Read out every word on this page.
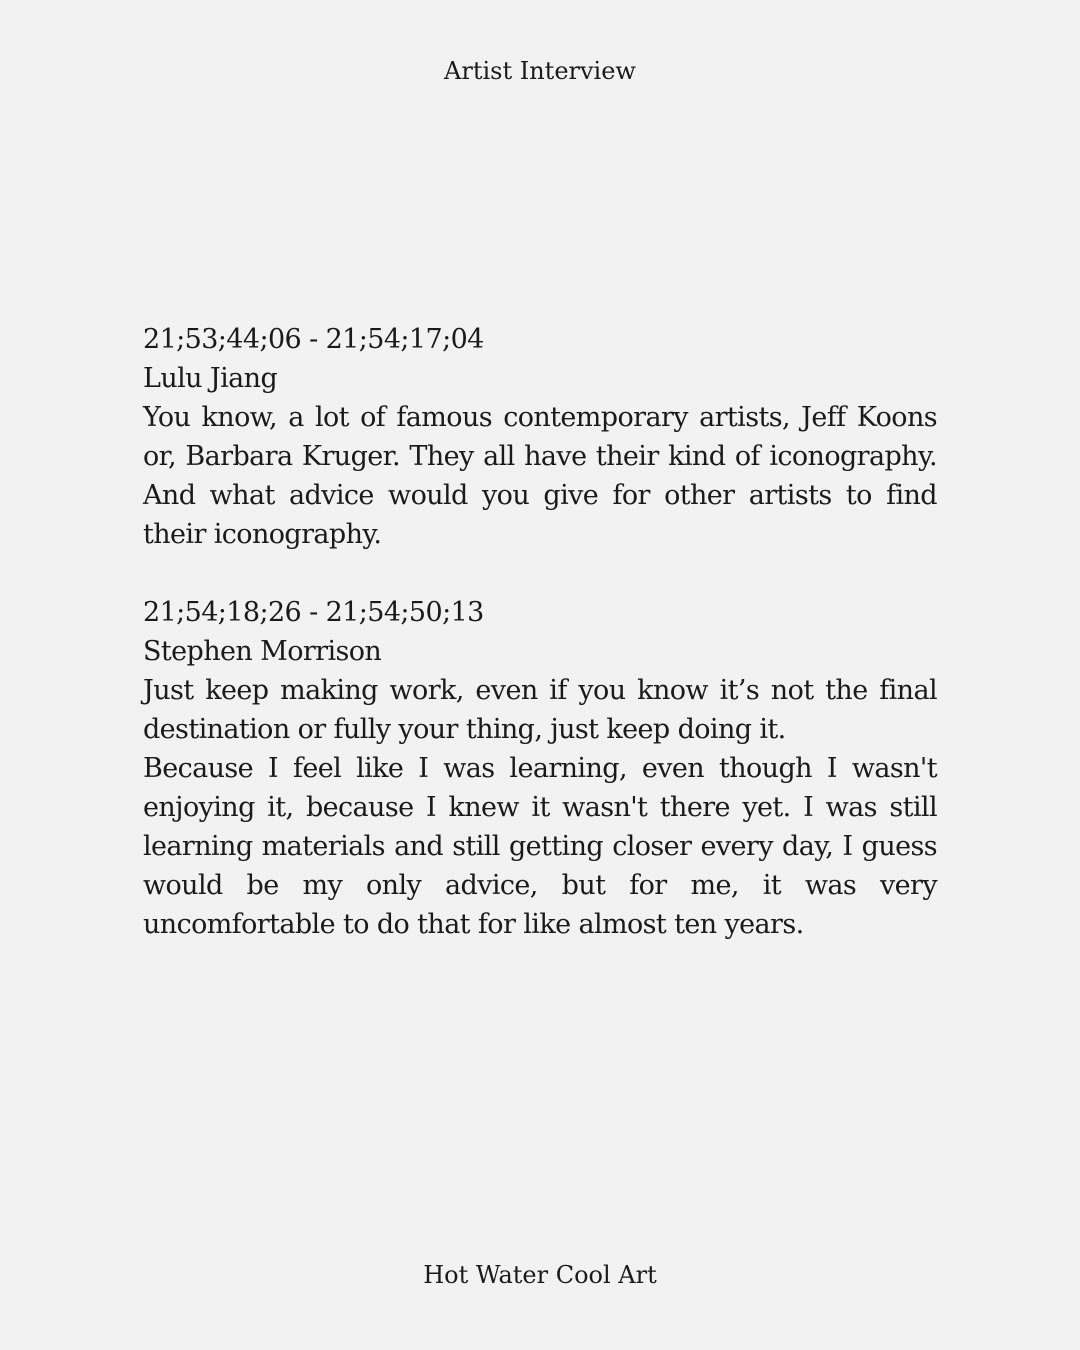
Artist Interview
21;53;44;06 - 21;54;17;04
Lulu Jiang

You know, a lot of famous contemporary artists, Jeff Koons or, Barbara Kruger. They all have their kind of iconography. And what advice would you give for other artists to find their iconography.

21;54;18;26 - 21;54;50;13
Stephen Morrison

Just keep making work, even if you know it’s not the final destination or fully your thing, just keep doing it.

Because I feel like I was learning, even though I wasn't enjoying it, because I knew it wasn't there yet. I was still learning materials and still getting closer every day, I guess would be my only advice, but for me, it was very uncomfortable to do that for like almost ten years.

Hot Water Cool Art
